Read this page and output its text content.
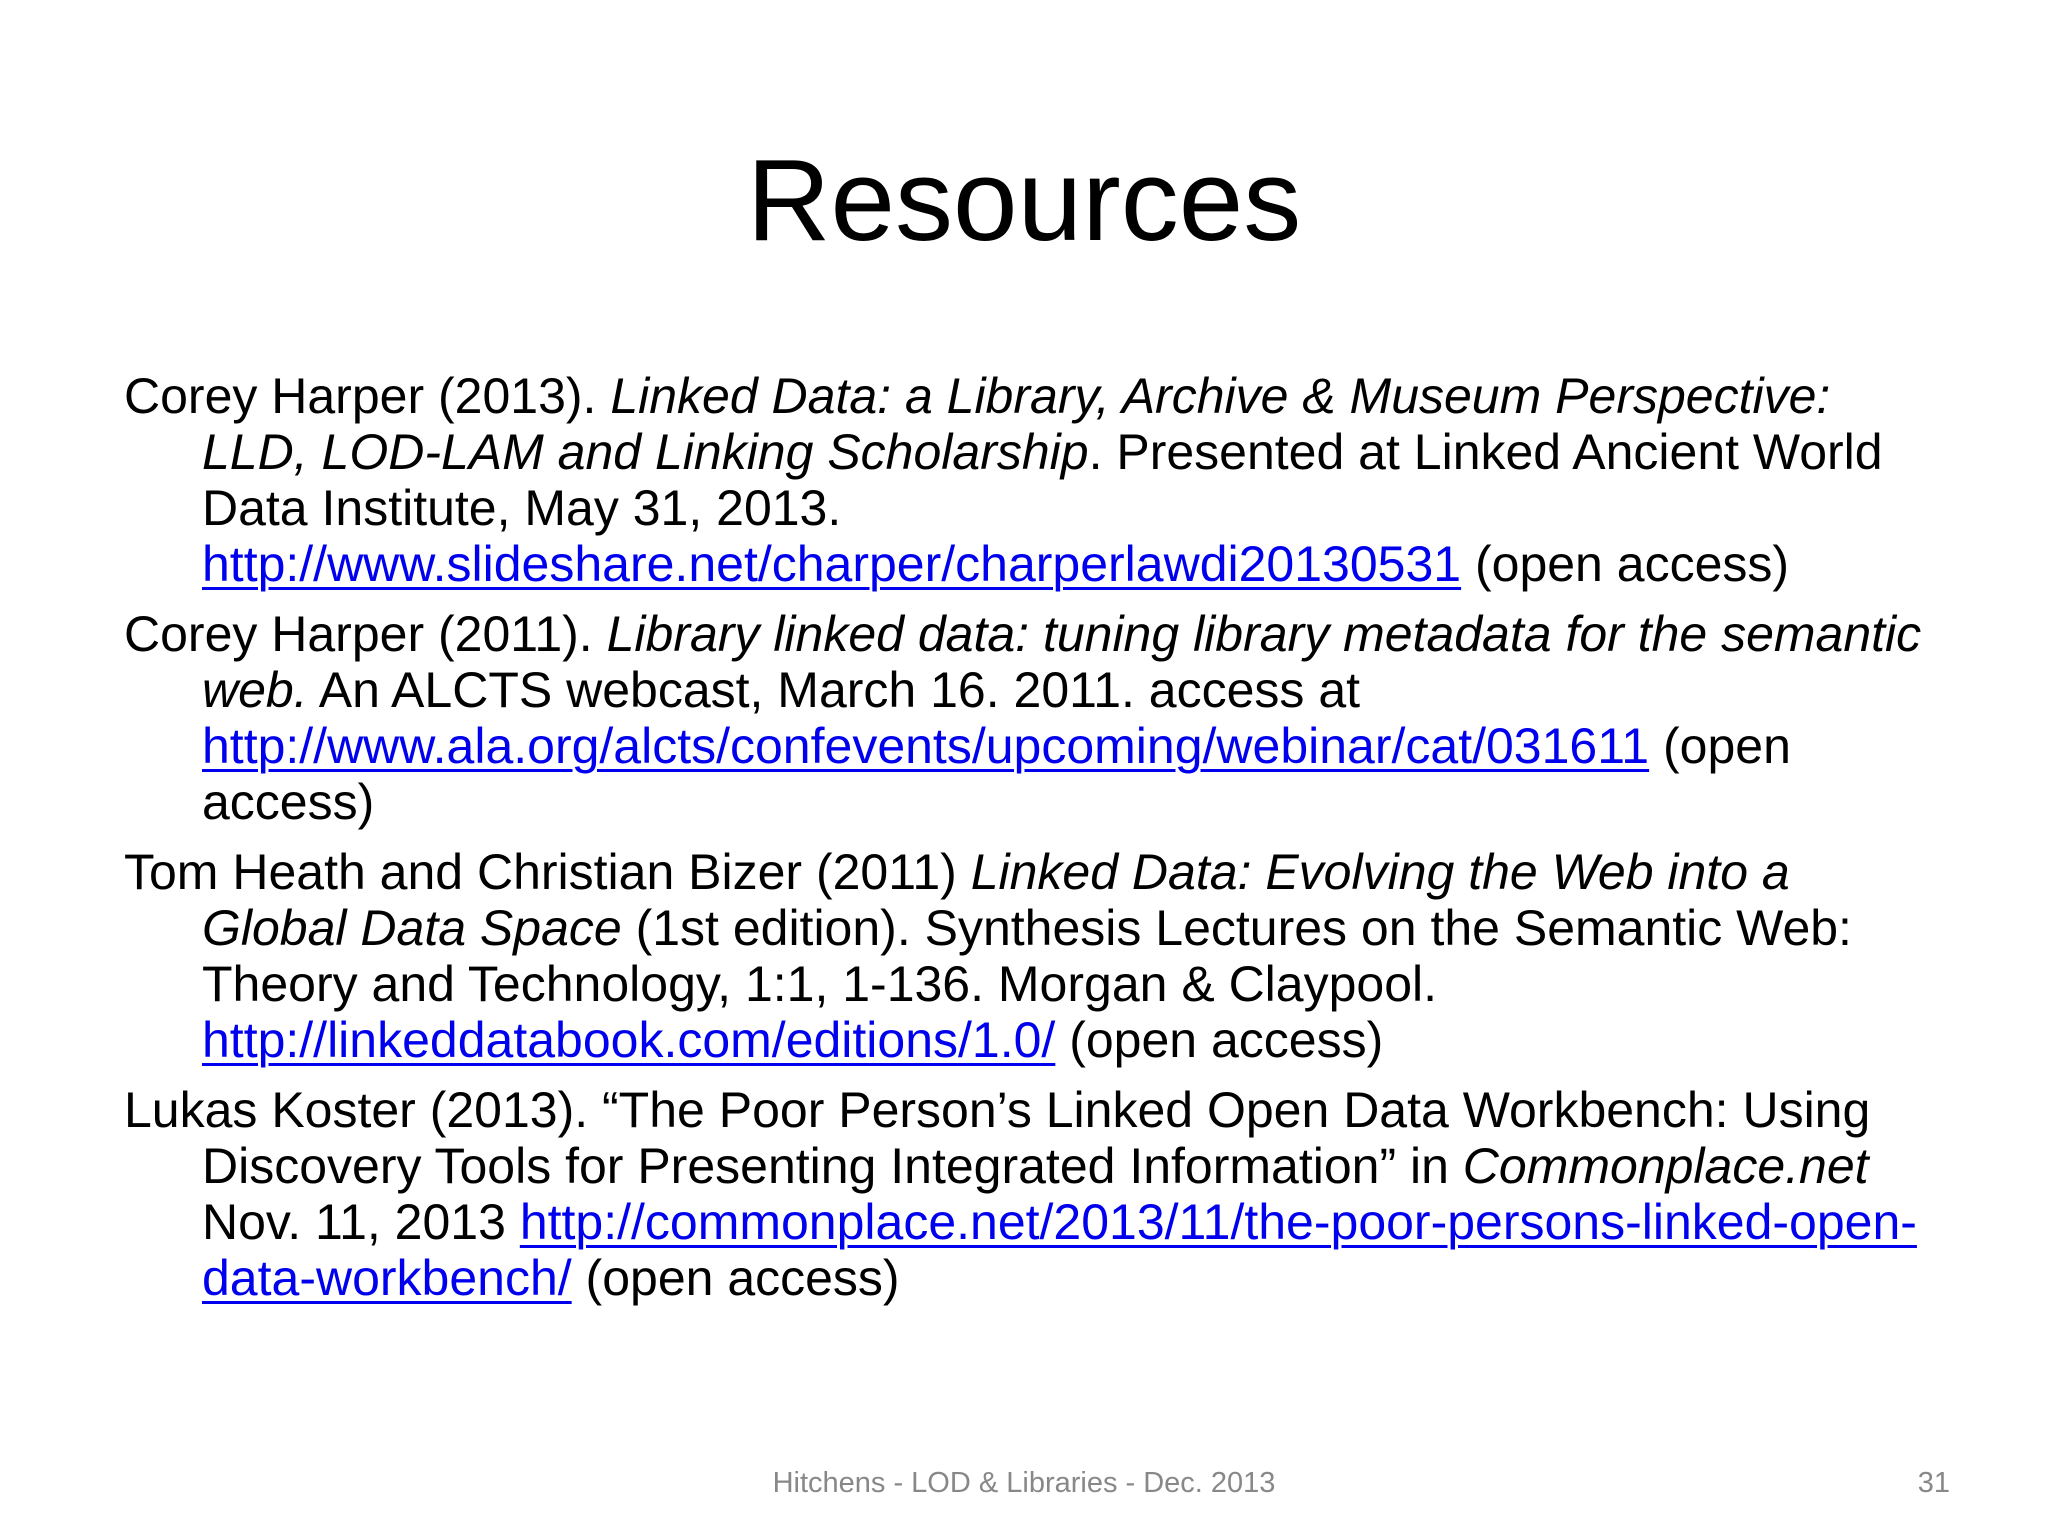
Resources
Corey Harper (2013). Linked Data: a Library, Archive & Museum Perspective: LLD, LOD-LAM and Linking Scholarship. Presented at Linked Ancient World Data Institute, May 31, 2013. http://www.slideshare.net/charper/charperlawdi20130531 (open access)
Corey Harper (2011). Library linked data: tuning library metadata for the semantic web. An ALCTS webcast, March 16. 2011. access at http://www.ala.org/alcts/confevents/upcoming/webinar/cat/031611 (open access)
Tom Heath and Christian Bizer (2011) Linked Data: Evolving the Web into a Global Data Space (1st edition). Synthesis Lectures on the Semantic Web: Theory and Technology, 1:1, 1-136. Morgan & Claypool. http://linkeddatabook.com/editions/1.0/ (open access)
Lukas Koster (2013). “The Poor Person’s Linked Open Data Workbench: Using Discovery Tools for Presenting Integrated Information” in Commonplace.net Nov. 11, 2013 http://commonplace.net/2013/11/the-poor-persons-linked-open-data-workbench/ (open access)
Hitchens - LOD & Libraries - Dec. 2013	31
